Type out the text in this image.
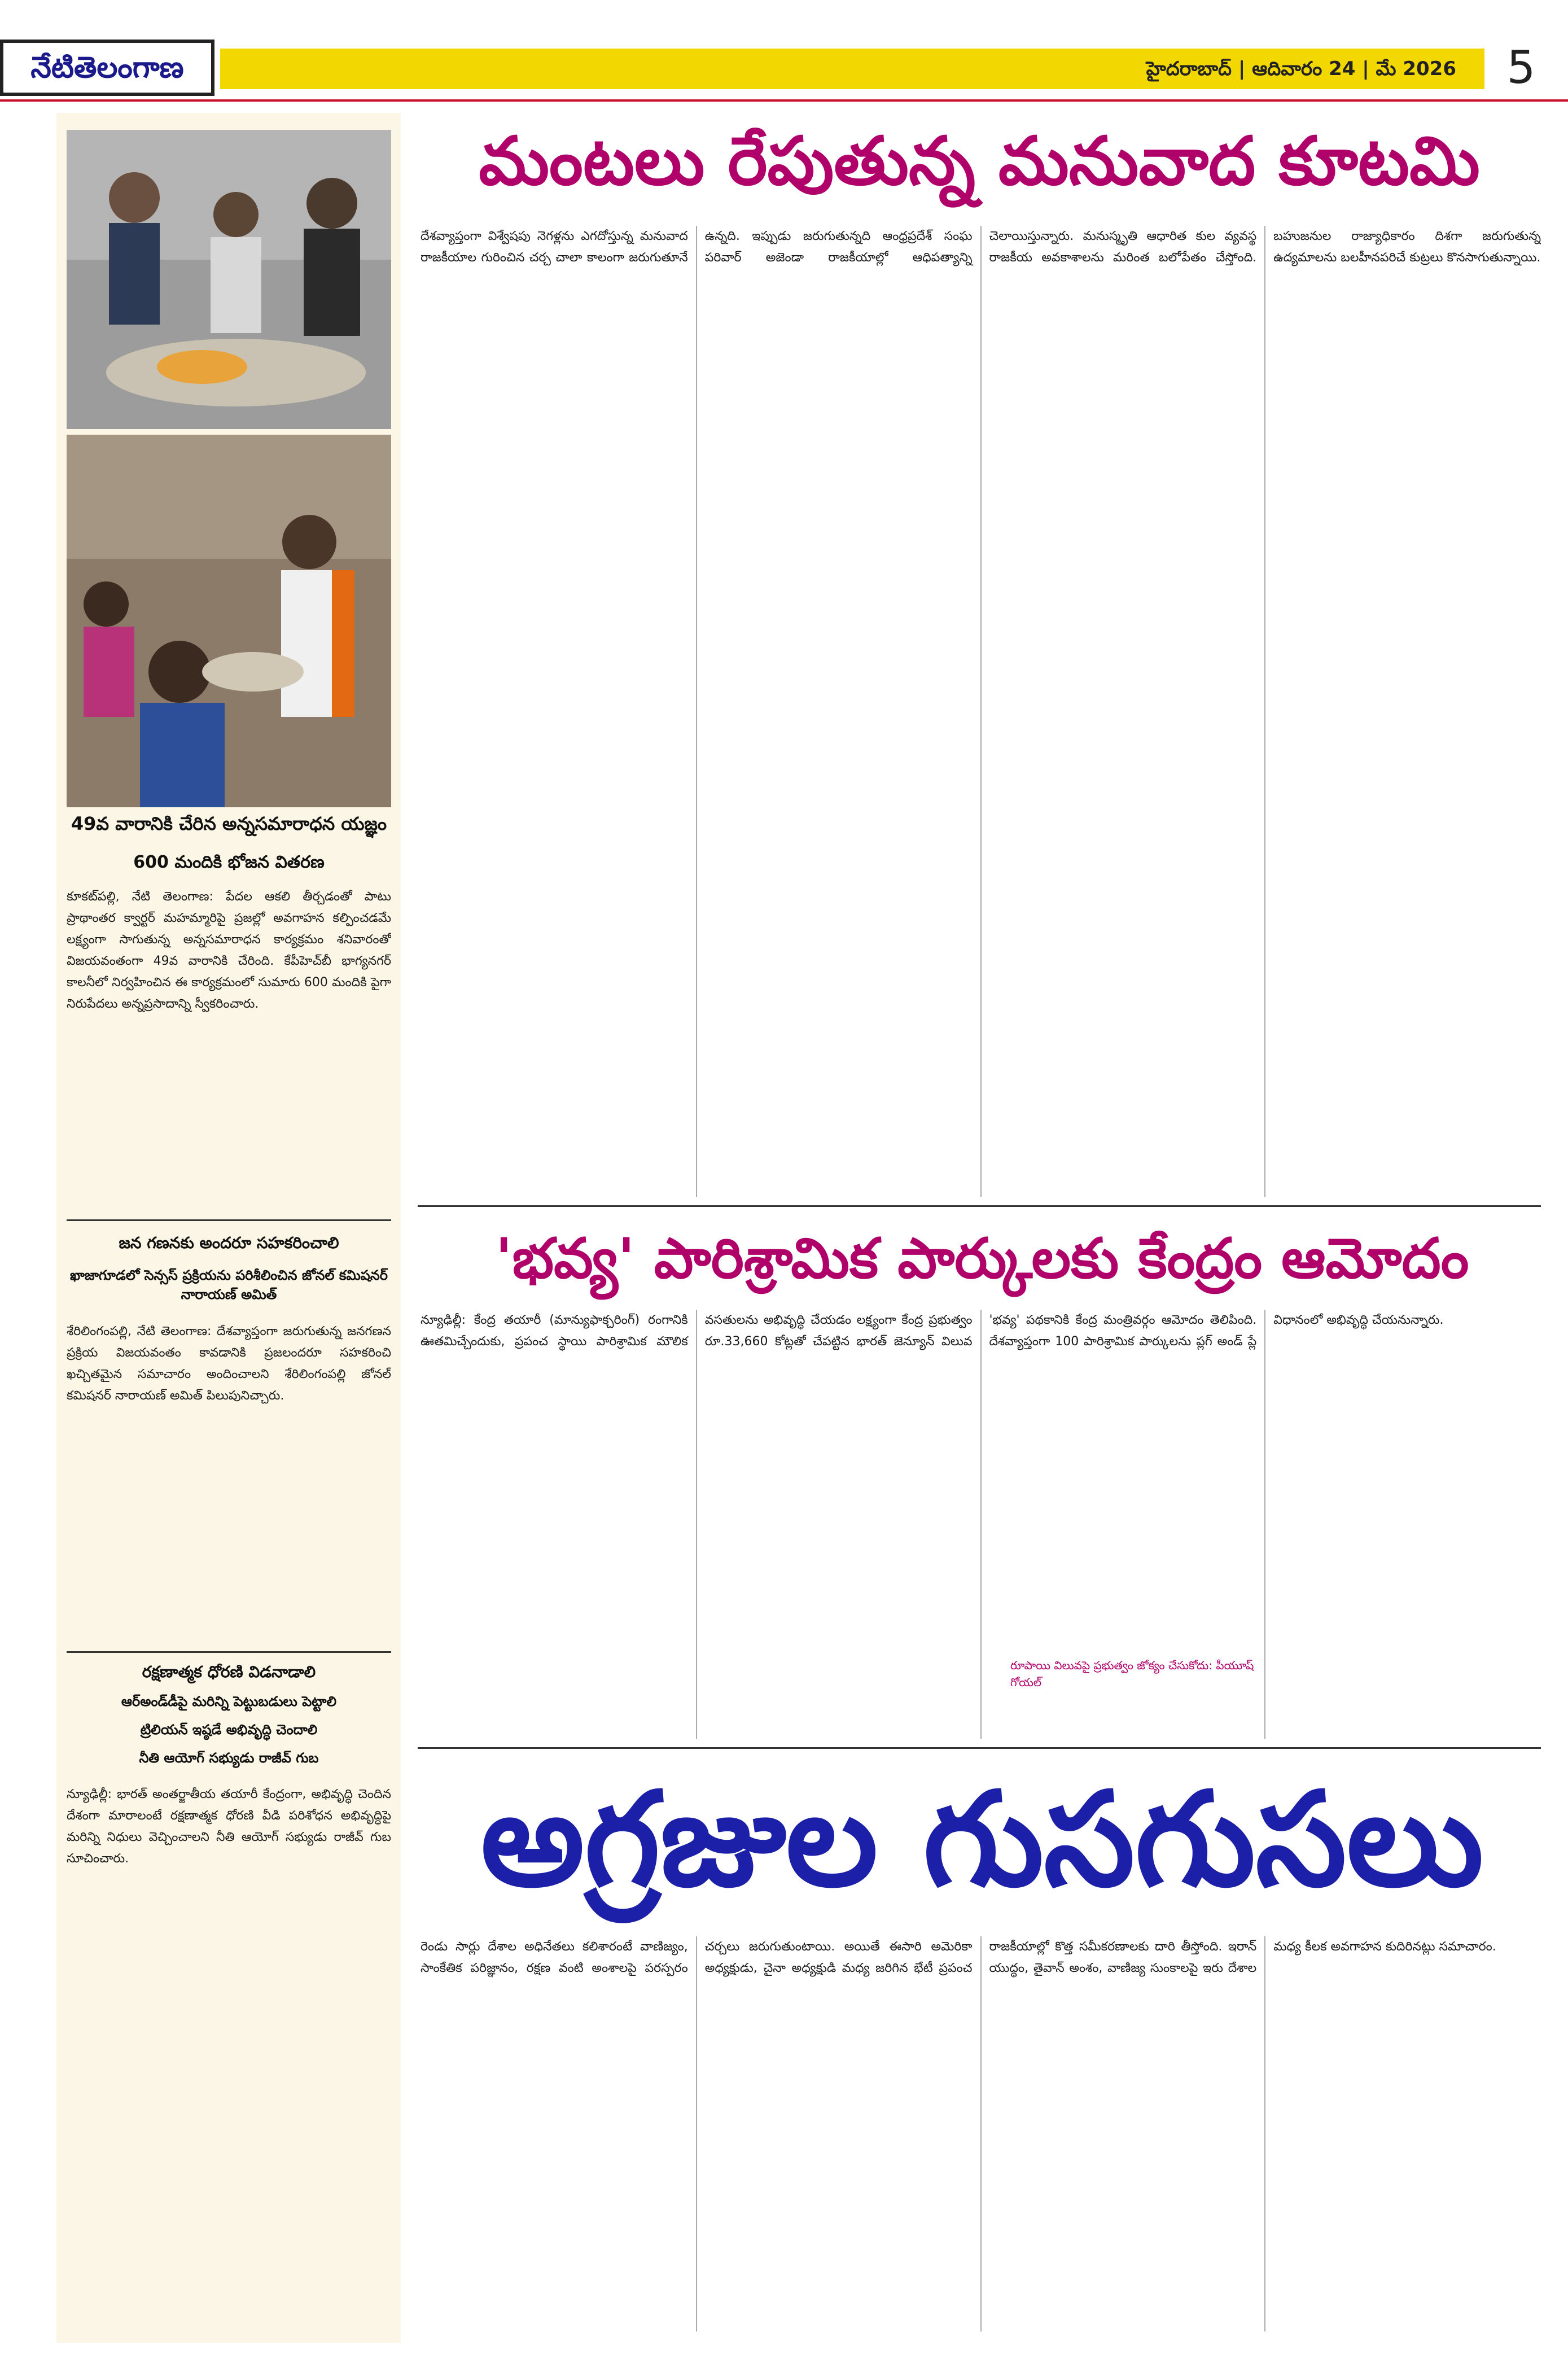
నేటితెలంగాణ	హైదరాబాద్ | ఆదివారం 24 | మే 2026	5
49వ వారానికి చేరిన అన్నసమారాధన యజ్ఞం
600 మందికి భోజన వితరణ
కూకట్‌పల్లి, నేటి తెలంగాణ: పేదల ఆకలి తీర్చడంతో పాటు ప్రాథాంతర క్వార్టర్ మహమ్మారిపై ప్రజల్లో అవగాహన కల్పించడమే లక్ష్యంగా సాగుతున్న అన్నసమారాధన కార్యక్రమం శనివారంతో విజయవంతంగా 49వ వారానికి చేరింది. కేపీహెచ్‌బీ భాగ్యనగర్ కాలనీలో నిర్వహించిన ఈ కార్యక్రమంలో సుమారు 600 మందికి పైగా నిరుపేదలు అన్నప్రసాదాన్ని స్వీకరించారు.
జన గణనకు అందరూ సహకరించాలి
ఖాజాగూడలో సెన్సస్ ప్రక్రియను పరిశీలించిన జోనల్ కమిషనర్ నారాయణ్ అమిత్
శేరిలింగంపల్లి, నేటి తెలంగాణ: దేశవ్యాప్తంగా జరుగుతున్న జనగణన ప్రక్రియ విజయవంతం కావడానికి ప్రజలందరూ సహకరించి ఖచ్చితమైన సమాచారం అందించాలని శేరిలింగంపల్లి జోనల్ కమిషనర్ నారాయణ్ అమిత్ పిలుపునిచ్చారు.
రక్షణాత్మక ధోరణి విడనాడాలి
ఆర్‌అండ్‌డీపై మరిన్ని పెట్టుబడులు పెట్టాలి
ట్రిలియన్‌ ఇష్ఠడే అభివృద్ధి చెందాలి
నీతి ఆయోగ్ సభ్యుడు రాజీవ్ గుబ
న్యూఢిల్లీ: భారత్ అంతర్జాతీయ తయారీ కేంద్రంగా, అభివృద్ధి చెందిన దేశంగా మారాలంటే రక్షణాత్మక ధోరణి వీడి పరిశోధన అభివృద్ధిపై మరిన్ని నిధులు వెచ్చించాలని నీతి ఆయోగ్ సభ్యుడు రాజీవ్ గుబ సూచించారు.
మంటలు రేపుతున్న మనువాద కూటమి
దేశవ్యాప్తంగా విశ్వేషపు నెగళ్లను ఎగదోస్తున్న మనువాద రాజకీయాల గురించిన చర్చ చాలా కాలంగా జరుగుతూనే ఉన్నది. ఇప్పుడు జరుగుతున్నది ఆంధ్రప్రదేశ్ సంఘ పరివార్ అజెండా రాజకీయాల్లో ఆధిపత్యాన్ని చెలాయిస్తున్నారు. మనుస్మృతి ఆధారిత కుల వ్యవస్థ రాజకీయ అవకాశాలను మరింత బలోపేతం చేస్తోంది. బహుజనుల రాజ్యాధికారం దిశగా జరుగుతున్న ఉద్యమాలను బలహీనపరిచే కుట్రలు కొనసాగుతున్నాయి.
'భవ్య' పారిశ్రామిక పార్కులకు కేంద్రం ఆమోదం
న్యూఢిల్లీ: కేంద్ర తయారీ (మాన్యుఫాక్చరింగ్) రంగానికి ఊతమిచ్చేందుకు, ప్రపంచ స్థాయి పారిశ్రామిక మౌలిక వసతులను అభివృద్ధి చేయడం లక్ష్యంగా కేంద్ర ప్రభుత్వం రూ.33,660 కోట్లతో చేపట్టిన భారత్ జెన్యూన్ విలువ 'భవ్య' పథకానికి కేంద్ర మంత్రివర్గం ఆమోదం తెలిపింది. దేశవ్యాప్తంగా 100 పారిశ్రామిక పార్కులను ప్లగ్ అండ్ ప్లే విధానంలో అభివృద్ధి చేయనున్నారు.
రూపాయి విలువపై ప్రభుత్వం జోక్యం చేసుకోదు: పీయూష్ గోయల్
అగ్రజుల గుసగుసలు
రెండు సార్లు దేశాల అధినేతలు కలిశారంటే వాణిజ్యం, సాంకేతిక పరిజ్ఞానం, రక్షణ వంటి అంశాలపై పరస్పరం చర్చలు జరుగుతుంటాయి. అయితే ఈసారి అమెరికా అధ్యక్షుడు, చైనా అధ్యక్షుడి మధ్య జరిగిన భేటీ ప్రపంచ రాజకీయాల్లో కొత్త సమీకరణాలకు దారి తీస్తోంది. ఇరాన్ యుద్ధం, తైవాన్ అంశం, వాణిజ్య సుంకాలపై ఇరు దేశాల మధ్య కీలక అవగాహన కుదిరినట్లు సమాచారం.
